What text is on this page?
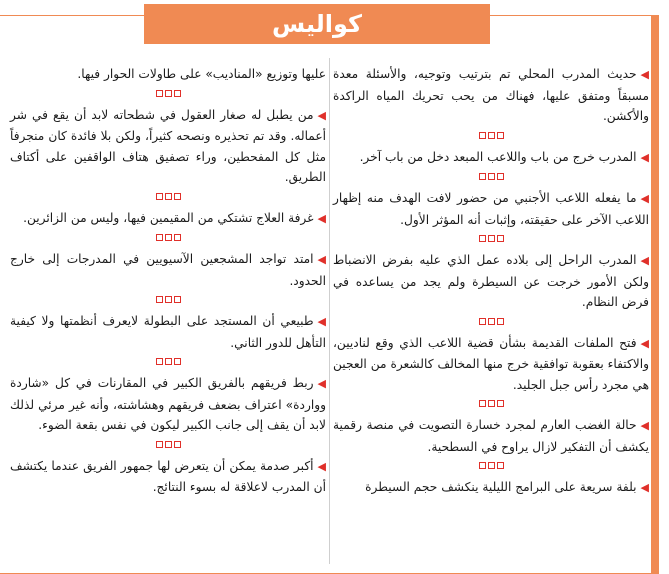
كواليس

◀حديث المدرب المحلي تم بترتيب وتوجيه، والأسئلة معدة مسبقاً ومتفق عليها، فهناك من يحب تحريك المياه الراكدة والأكشن.

◀المدرب خرج من باب واللاعب المبعد دخل من باب آخر.

◀ما يفعله اللاعب الأجنبي من حضور لافت الهدف منه إظهار اللاعب الآخر على حقيقته، وإثبات أنه المؤثر الأول.

◀المدرب الراحل إلى بلاده عمل الذي عليه بفرض الانضباط ولكن الأمور خرجت عن السيطرة ولم يجد من يساعده في فرض النظام.

◀فتح الملفات القديمة بشأن قضية اللاعب الذي وقع لناديين، والاكتفاء بعقوبة توافقية خرج منها المخالف كالشعرة من العجين هي مجرد رأس جبل الجليد.

◀حالة الغضب العارم لمجرد خسارة التصويت في منصة رقمية يكشف أن التفكير لازال يراوح في السطحية.

◀بلفة سريعة على البرامج الليلية ينكشف حجم السيطرة

عليها وتوزيع «المناديب» على طاولات الحوار فيها.

◀من يطبل له صغار العقول في شطحاته لابد أن يقع في شر أعماله. وقد تم تحذيره ونصحه كثيراً، ولكن بلا فائدة كان منجرفاً مثل كل المفحطين، وراء تصفيق هتاف الواقفين على أكتاف الطريق.

◀غرفة العلاج تشتكي من المقيمين فيها، وليس من الزائرين.

◀امتد تواجد المشجعين الآسيويين في المدرجات إلى خارج الحدود.

◀طبيعي أن المستجد على البطولة لايعرف أنظمتها ولا كيفية التأهل للدور الثاني.

◀ربط فريقهم بالفريق الكبير في المقارنات في كل «شاردة وواردة» اعتراف بضعف فريقهم وهشاشته، وأنه غير مرئي لذلك لابد أن يقف إلى جانب الكبير ليكون في نفس بقعة الضوء.

◀أكبر صدمة يمكن أن يتعرض لها جمهور الفريق عندما يكتشف أن المدرب لاعلاقة له بسوء النتائج.
